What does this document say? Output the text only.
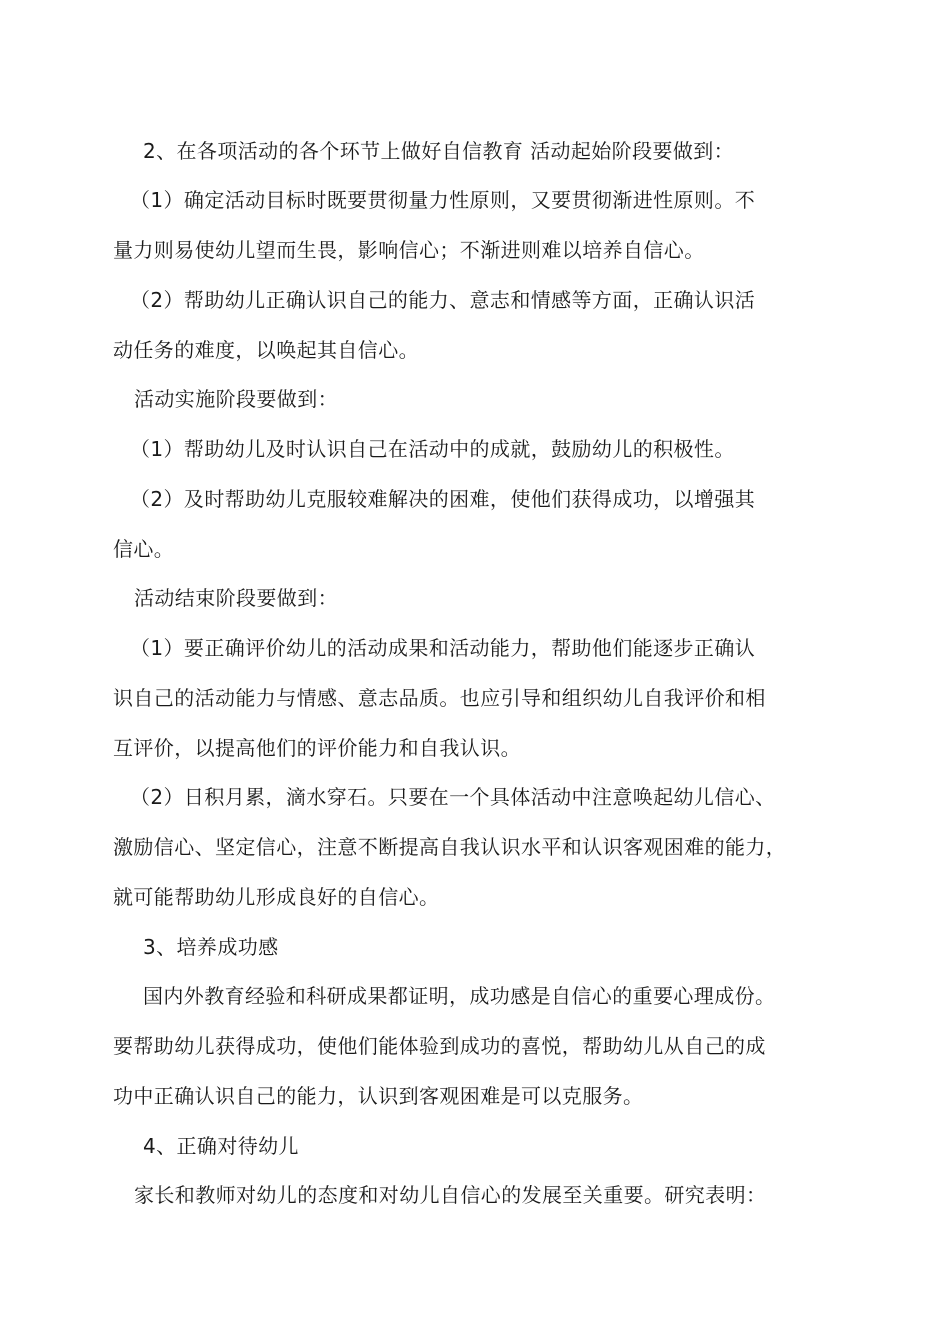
2、在各项活动的各个环节上做好自信教育 活动起始阶段要做到：
（1）确定活动目标时既要贯彻量力性原则，又要贯彻渐进性原则。不
量力则易使幼儿望而生畏，影响信心；不渐进则难以培养自信心。
（2）帮助幼儿正确认识自己的能力、意志和情感等方面，正确认识活
动任务的难度，以唤起其自信心。
活动实施阶段要做到：
（1）帮助幼儿及时认识自己在活动中的成就，鼓励幼儿的积极性。
（2）及时帮助幼儿克服较难解决的困难，使他们获得成功，以增强其
信心。
活动结束阶段要做到：
（1）要正确评价幼儿的活动成果和活动能力，帮助他们能逐步正确认
识自己的活动能力与情感、意志品质。也应引导和组织幼儿自我评价和相
互评价，以提高他们的评价能力和自我认识。
（2）日积月累，滴水穿石。只要在一个具体活动中注意唤起幼儿信心、
激励信心、坚定信心，注意不断提高自我认识水平和认识客观困难的能力，
就可能帮助幼儿形成良好的自信心。
3、培养成功感
国内外教育经验和科研成果都证明，成功感是自信心的重要心理成份。
要帮助幼儿获得成功，使他们能体验到成功的喜悦，帮助幼儿从自己的成
功中正确认识自己的能力，认识到客观困难是可以克服务。
4、正确对待幼儿
家长和教师对幼儿的态度和对幼儿自信心的发展至关重要。研究表明：
